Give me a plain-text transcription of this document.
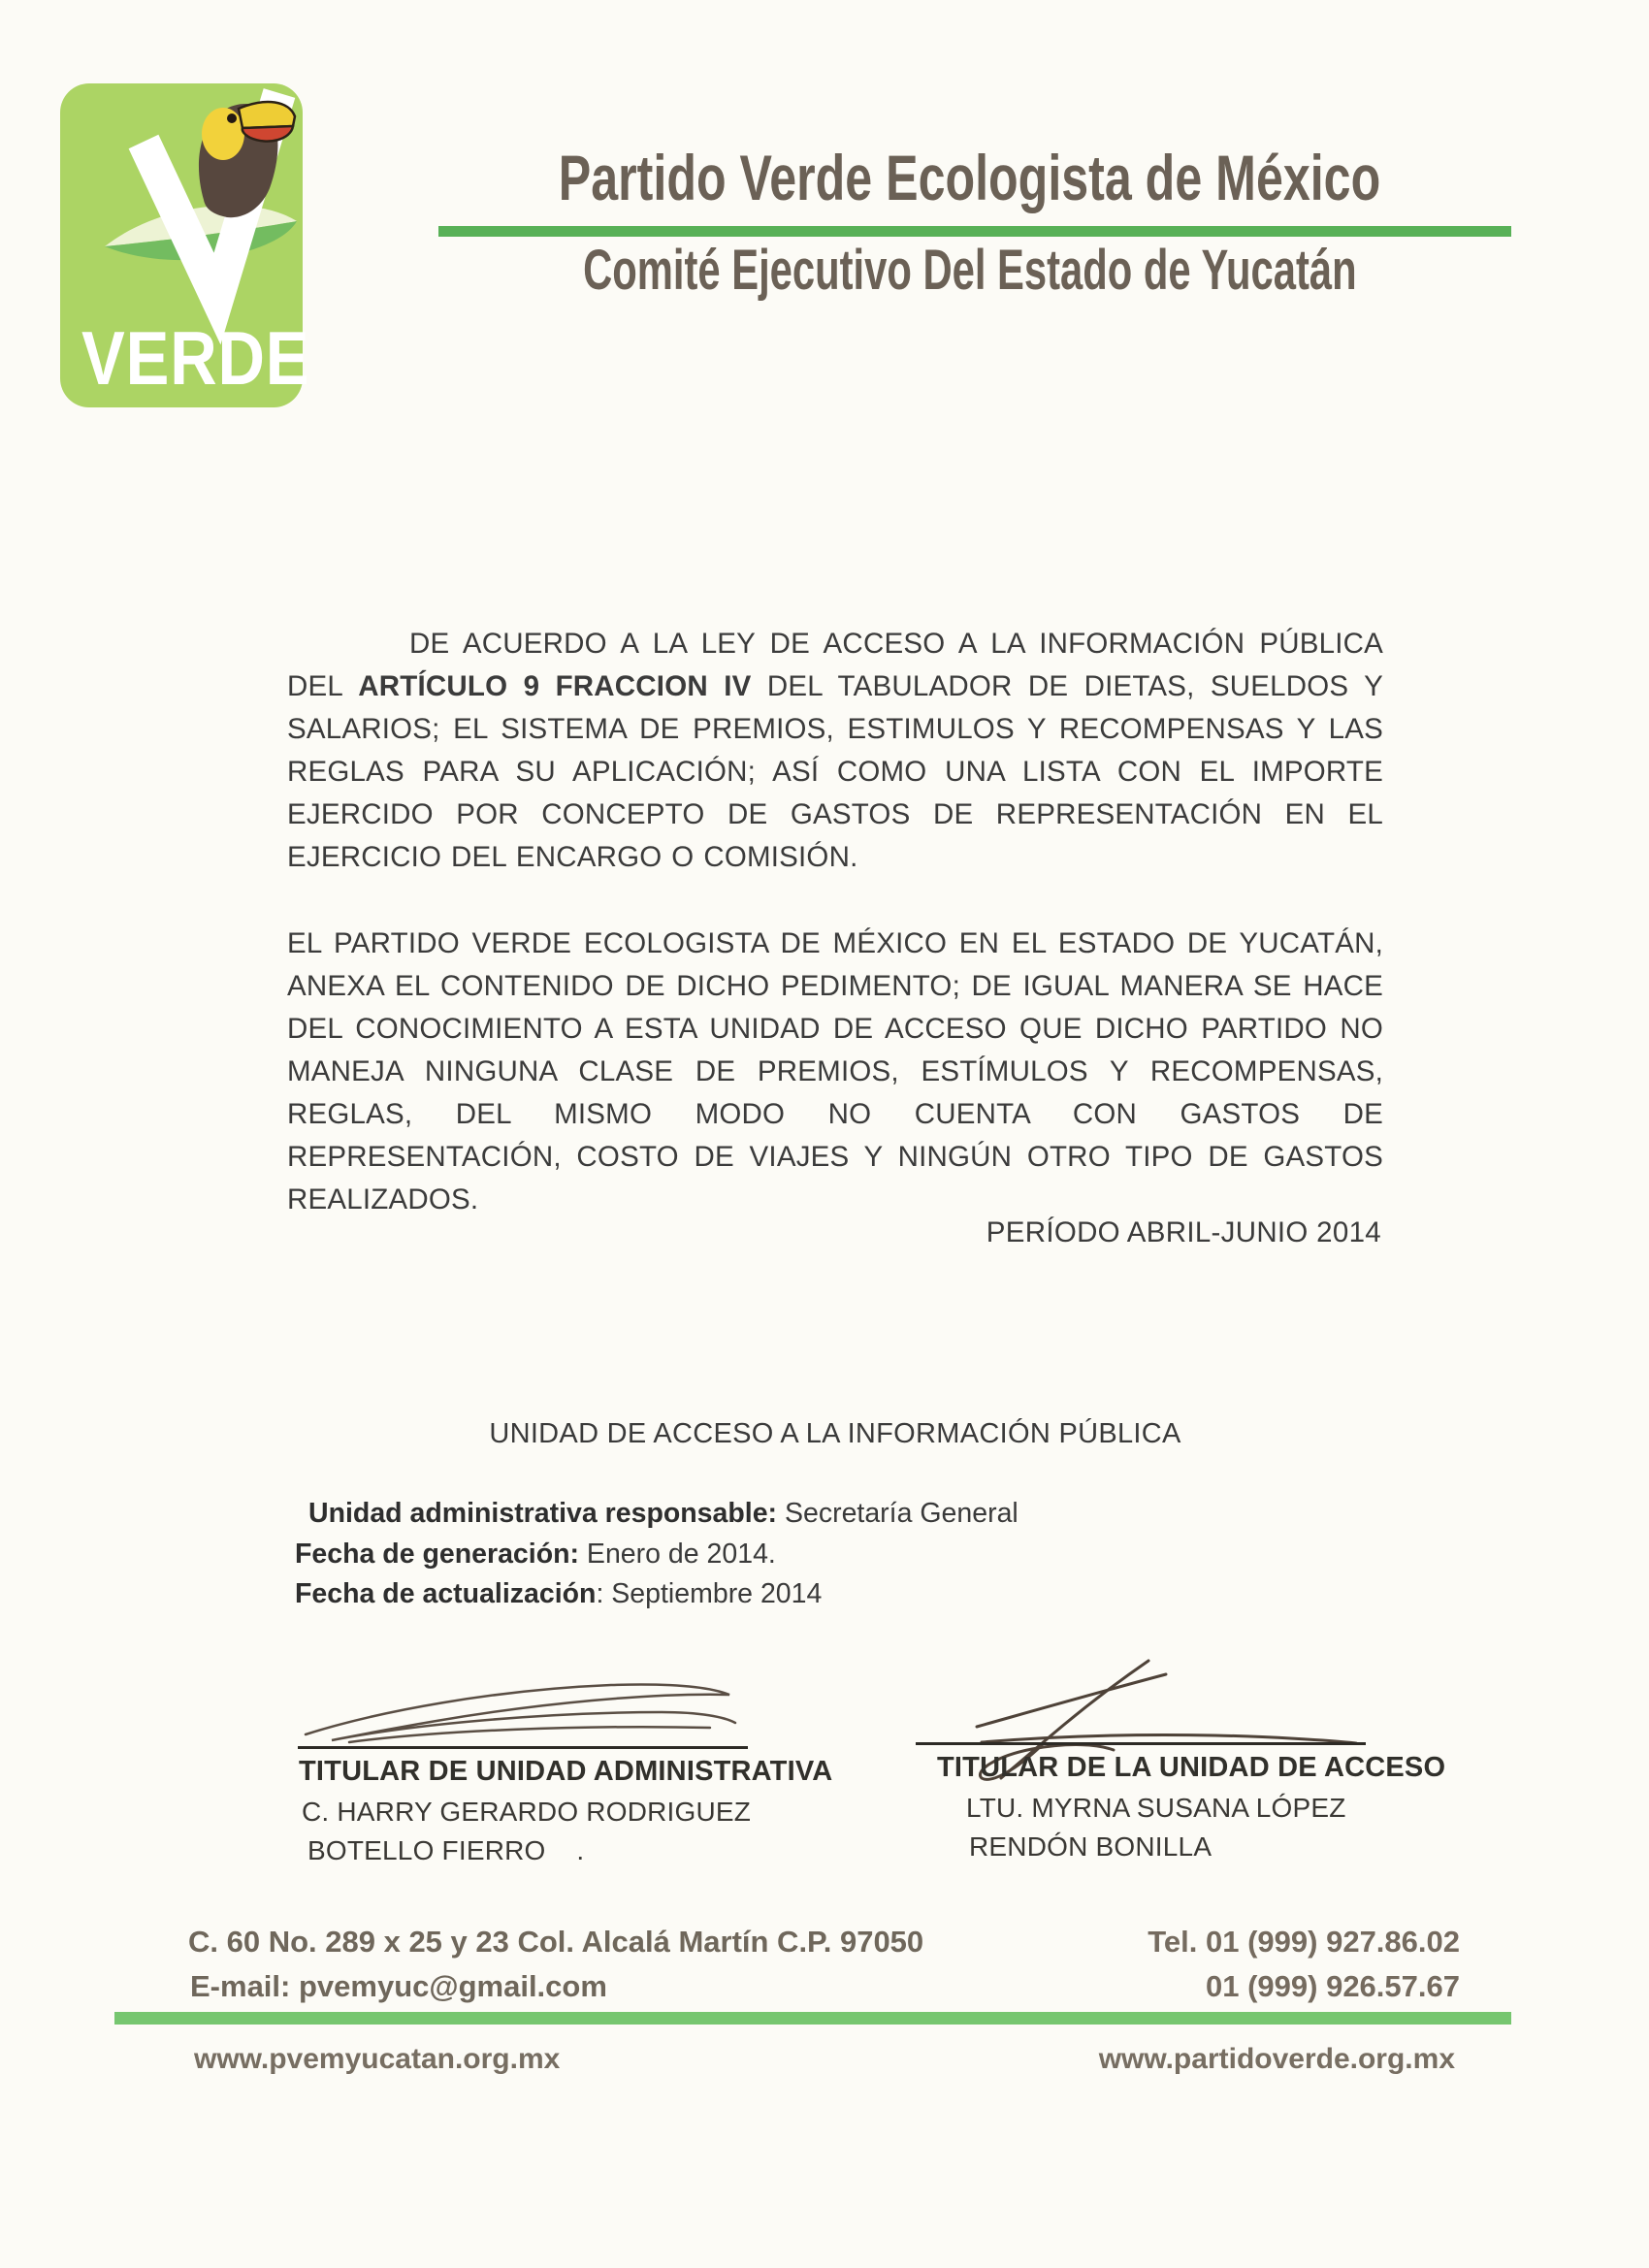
VERDE
Partido Verde Ecologista de México
Comité Ejecutivo Del Estado de Yucatán

DE ACUERDO A LA LEY DE ACCESO A LA INFORMACIÓN PÚBLICA DEL ARTÍCULO 9 FRACCION IV DEL TABULADOR DE DIETAS, SUELDOS Y SALARIOS; EL SISTEMA DE PREMIOS, ESTIMULOS Y RECOMPENSAS Y LAS REGLAS PARA SU APLICACIÓN; ASÍ COMO UNA LISTA CON EL IMPORTE EJERCIDO POR CONCEPTO DE GASTOS DE REPRESENTACIÓN EN EL EJERCICIO DEL ENCARGO O COMISIÓN.

EL PARTIDO VERDE ECOLOGISTA DE MÉXICO EN EL ESTADO DE YUCATÁN, ANEXA EL CONTENIDO DE DICHO PEDIMENTO; DE IGUAL MANERA SE HACE DEL CONOCIMIENTO A ESTA UNIDAD DE ACCESO QUE DICHO PARTIDO NO MANEJA NINGUNA CLASE DE PREMIOS, ESTÍMULOS Y RECOMPENSAS, REGLAS, DEL MISMO MODO NO CUENTA CON GASTOS DE REPRESENTACIÓN, COSTO DE VIAJES Y NINGÚN OTRO TIPO DE GASTOS REALIZADOS.

PERÍODO ABRIL-JUNIO 2014
UNIDAD DE ACCESO A LA INFORMACIÓN PÚBLICA
Unidad administrativa responsable: Secretaría General
Fecha de generación: Enero de 2014.
Fecha de actualización: Septiembre 2014
TITULAR DE UNIDAD ADMINISTRATIVA
C. HARRY GERARDO RODRIGUEZ
BOTELLO FIERRO    .
TITULAR DE LA UNIDAD DE ACCESO
LTU. MYRNA SUSANA LÓPEZ
RENDÓN BONILLA
C. 60 No. 289 x 25 y 23 Col. Alcalá Martín C.P. 97050
E-mail: pvemyuc@gmail.com
Tel. 01 (999) 927.86.02
01 (999) 926.57.67
www.pvemyucatan.org.mx	www.partidoverde.org.mx
